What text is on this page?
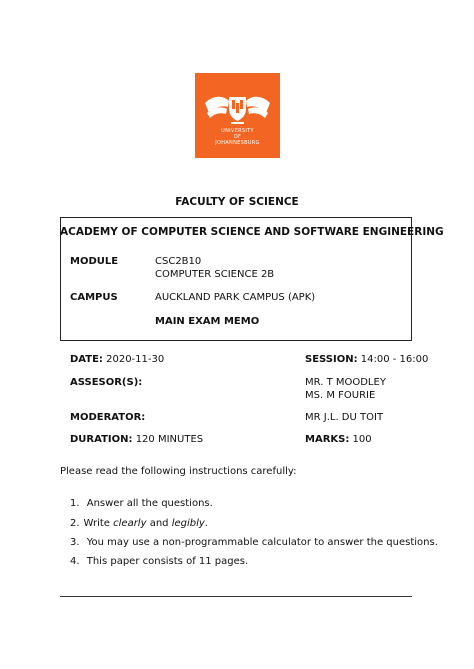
UNIVERSITY
OF
JOHANNESBURG
FACULTY OF SCIENCE
ACADEMY OF COMPUTER SCIENCE AND SOFTWARE ENGINEERING
MODULE	CSC2B10
COMPUTER SCIENCE 2B
CAMPUS	AUCKLAND PARK CAMPUS (APK)
MAIN EXAM MEMO
DATE: 2020-11-30	SESSION: 14:00 - 16:00
ASSESOR(S):	MR. T MOODLEY
MS. M FOURIE
MODERATOR:	MR J.L. DU TOIT
DURATION: 120 MINUTES	MARKS: 100
Please read the following instructions carefully:
1. Answer all the questions.
2. Write clearly and legibly.
3. You may use a non-programmable calculator to answer the questions.
4. This paper consists of 11 pages.
